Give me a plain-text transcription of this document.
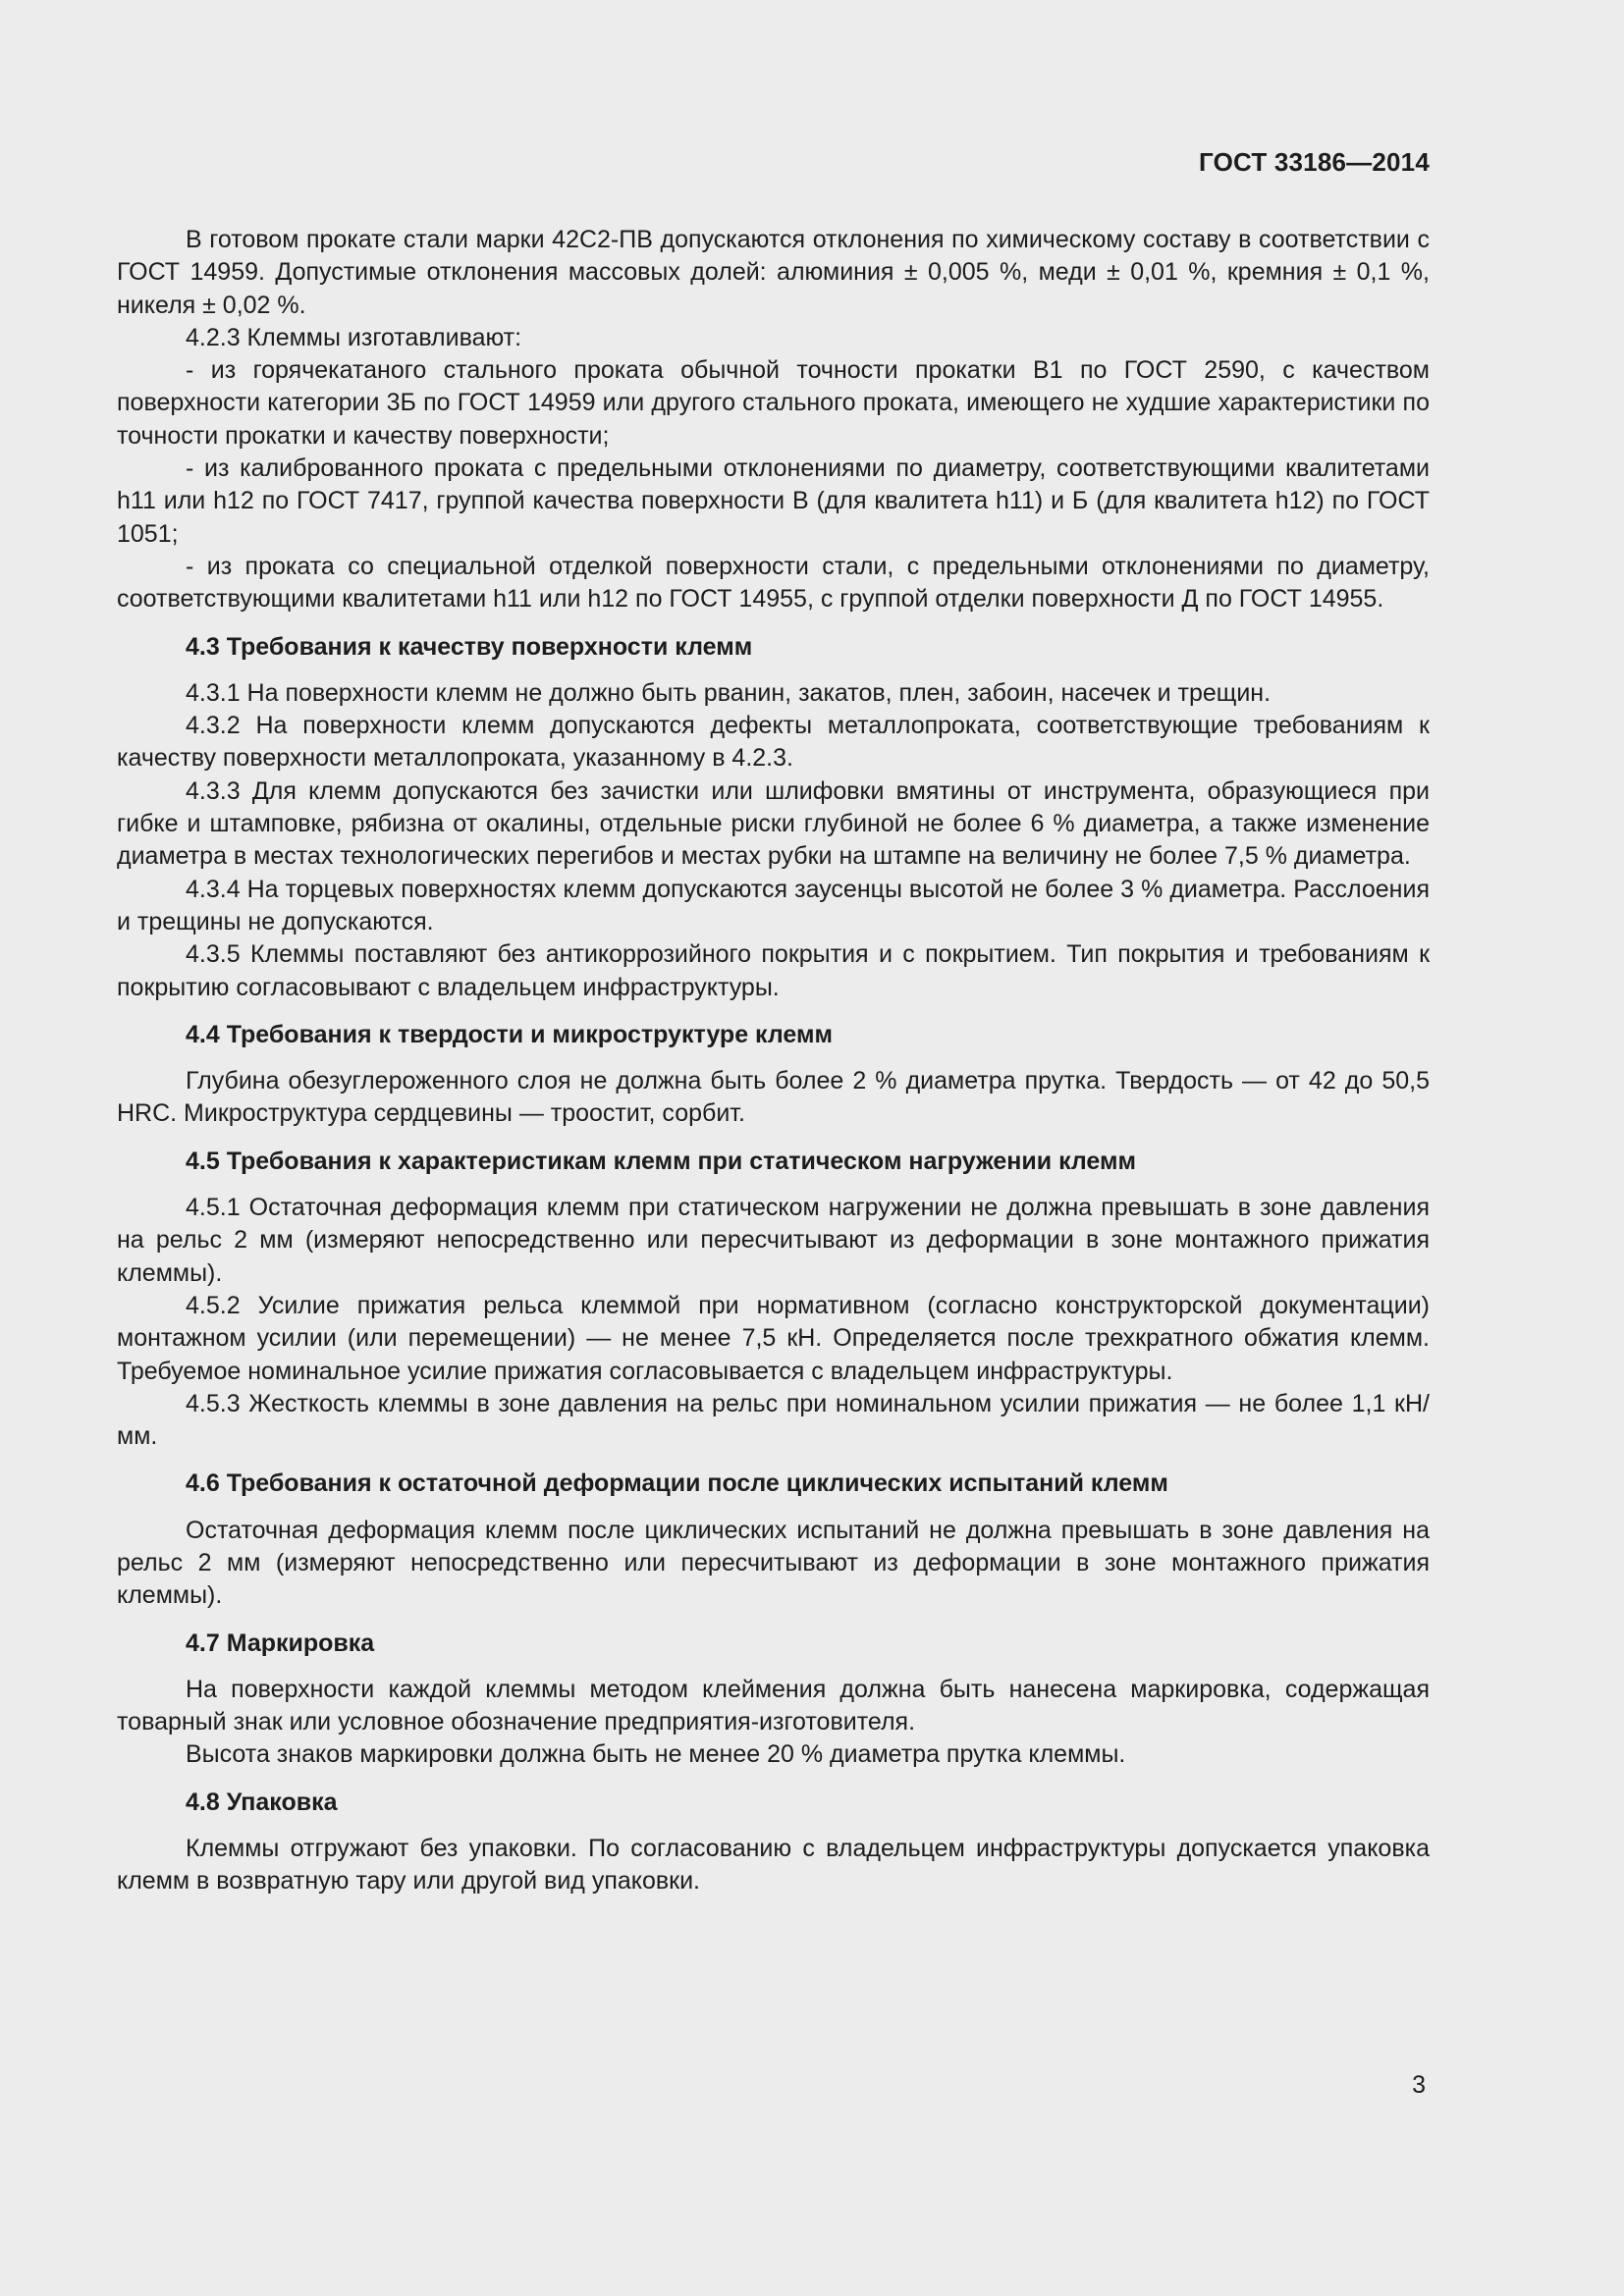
ГОСТ 33186—2014

В готовом прокате стали марки 42С2-ПВ допускаются отклонения по химическому составу в соответствии с ГОСТ 14959. Допустимые отклонения массовых долей: алюминия ± 0,005 %, меди ± 0,01 %, кремния ± 0,1 %, никеля ± 0,02 %.

4.2.3 Клеммы изготавливают:

- из горячекатаного стального проката обычной точности прокатки В1 по ГОСТ 2590, с качеством поверхности категории 3Б по ГОСТ 14959 или другого стального проката, имеющего не худшие характеристики по точности прокатки и качеству поверхности;

- из калиброванного проката с предельными отклонениями по диаметру, соответствующими квалитетами h11 или h12 по ГОСТ 7417, группой качества поверхности В (для квалитета h11) и Б (для квалитета h12) по ГОСТ 1051;

- из проката со специальной отделкой поверхности стали, с предельными отклонениями по диаметру, соответствующими квалитетами h11 или h12 по ГОСТ 14955, с группой отделки поверхности Д по ГОСТ 14955.

4.3 Требования к качеству поверхности клемм

4.3.1 На поверхности клемм не должно быть рванин, закатов, плен, забоин, насечек и трещин.

4.3.2 На поверхности клемм допускаются дефекты металлопроката, соответствующие требованиям к качеству поверхности металлопроката, указанному в 4.2.3.

4.3.3 Для клемм допускаются без зачистки или шлифовки вмятины от инструмента, образующиеся при гибке и штамповке, рябизна от окалины, отдельные риски глубиной не более 6 % диаметра, а также изменение диаметра в местах технологических перегибов и местах рубки на штампе на величину не более 7,5 % диаметра.

4.3.4 На торцевых поверхностях клемм допускаются заусенцы высотой не более 3 % диаметра. Расслоения и трещины не допускаются.

4.3.5 Клеммы поставляют без антикоррозийного покрытия и с покрытием. Тип покрытия и требованиям к покрытию согласовывают с владельцем инфраструктуры.

4.4 Требования к твердости и микроструктуре клемм

Глубина обезуглероженного слоя не должна быть более 2 % диаметра прутка. Твердость — от 42 до 50,5 HRC. Микроструктура сердцевины — троостит, сорбит.

4.5 Требования к характеристикам клемм при статическом нагружении клемм

4.5.1 Остаточная деформация клемм при статическом нагружении не должна превышать в зоне давления на рельс 2 мм (измеряют непосредственно или пересчитывают из деформации в зоне монтажного прижатия клеммы).

4.5.2 Усилие прижатия рельса клеммой при нормативном (согласно конструкторской документации) монтажном усилии (или перемещении) — не менее 7,5 кН. Определяется после трехкратного обжатия клемм. Требуемое номинальное усилие прижатия согласовывается с владельцем инфраструктуры.

4.5.3 Жесткость клеммы в зоне давления на рельс при номинальном усилии прижатия — не более 1,1 кН/мм.

4.6 Требования к остаточной деформации после циклических испытаний клемм

Остаточная деформация клемм после циклических испытаний не должна превышать в зоне давления на рельс 2 мм (измеряют непосредственно или пересчитывают из деформации в зоне монтажного прижатия клеммы).

4.7 Маркировка

На поверхности каждой клеммы методом клеймения должна быть нанесена маркировка, содержащая товарный знак или условное обозначение предприятия-изготовителя.

Высота знаков маркировки должна быть не менее 20 % диаметра прутка клеммы.

4.8 Упаковка

Клеммы отгружают без упаковки. По согласованию с владельцем инфраструктуры допускается упаковка клемм в возвратную тару или другой вид упаковки.

3
